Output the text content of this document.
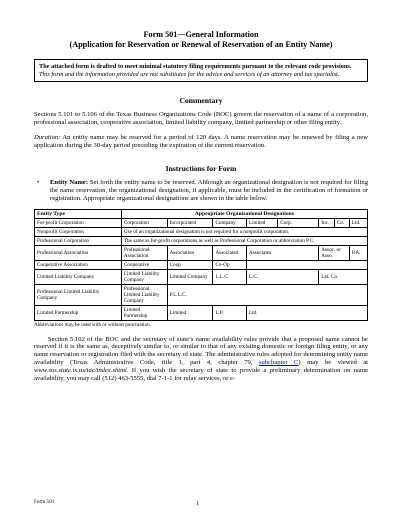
Form 501—General Information
(Application for Reservation or Renewal of Reservation of an Entity Name)
The attached form is drafted to meet minimal statutory filing requirements pursuant to the relevant code provisions. This form and the information provided are not substitutes for the advice and services of an attorney and tax specialist.
Commentary

Sections 5.101 to 5.106 of the Texas Business Organizations Code (BOC) govern the reservation of a name of a corporation, professional association, cooperative association, limited liability company, limited partnership or other filing entity.

Duration: An entity name may be reserved for a period of 120 days. A name reservation may be renewed by filing a new application during the 30-day period preceding the expiration of the current reservation.

Instructions for Form
• Entity Name: Set forth the entity name to be reserved. Although an organizational designation is not required for filing the name reservation, the organizational designation, if applicable, must be included in the certification of formation or registration. Appropriate organizational designations are shown in the table below.
Entity Type	Appropriate Organizational Designations							
For-profit Corporation	Corporation	Incorporated	Company	Limited	Corp.	Inc.	Co.	Ltd.
Nonprofit Corporation	Use of an organizational designation is not required for a nonprofit corporation.							
Professional Corporation	The same as for-profit corporations as well as Professional Corporation or abbreviation P.C.							
Professional Association	Professional Association	Association	Associated	Associates		Assoc. or Assn.		P.A.
Cooperative Association	Cooperative	Coop	Co-Op					
Limited Liability Company	Limited Liability Company	Limited Company	L.L.C.	L.C.		Ltd. Co.		
Professional Limited Liability Company	Professional Limited Liability Company	P.L.L.C.						
Limited Partnership	Limited Partnership	Limited	L.P.	Ltd.				
Abbreviations may be used with or without punctuation.

Section 5.102 of the BOC and the secretary of state’s name availability rules provide that a proposed name cannot be reserved if it is the same as, deceptively similar to, or similar to that of any existing domestic or foreign filing entity, or any name reservation or registration filed with the secretary of state. The administrative rules adopted for determining entity name availability (Texas Administrative Code, title 1, part 4, chapter 79, subchapter C) may be viewed at www.sos.state.tx.us/tac/index.shtml. If you wish the secretary of state to provide a preliminary determination on name availability, you may call (512) 463-5555, dial 7-1-1 for relay services, or e-

Form 501	1
